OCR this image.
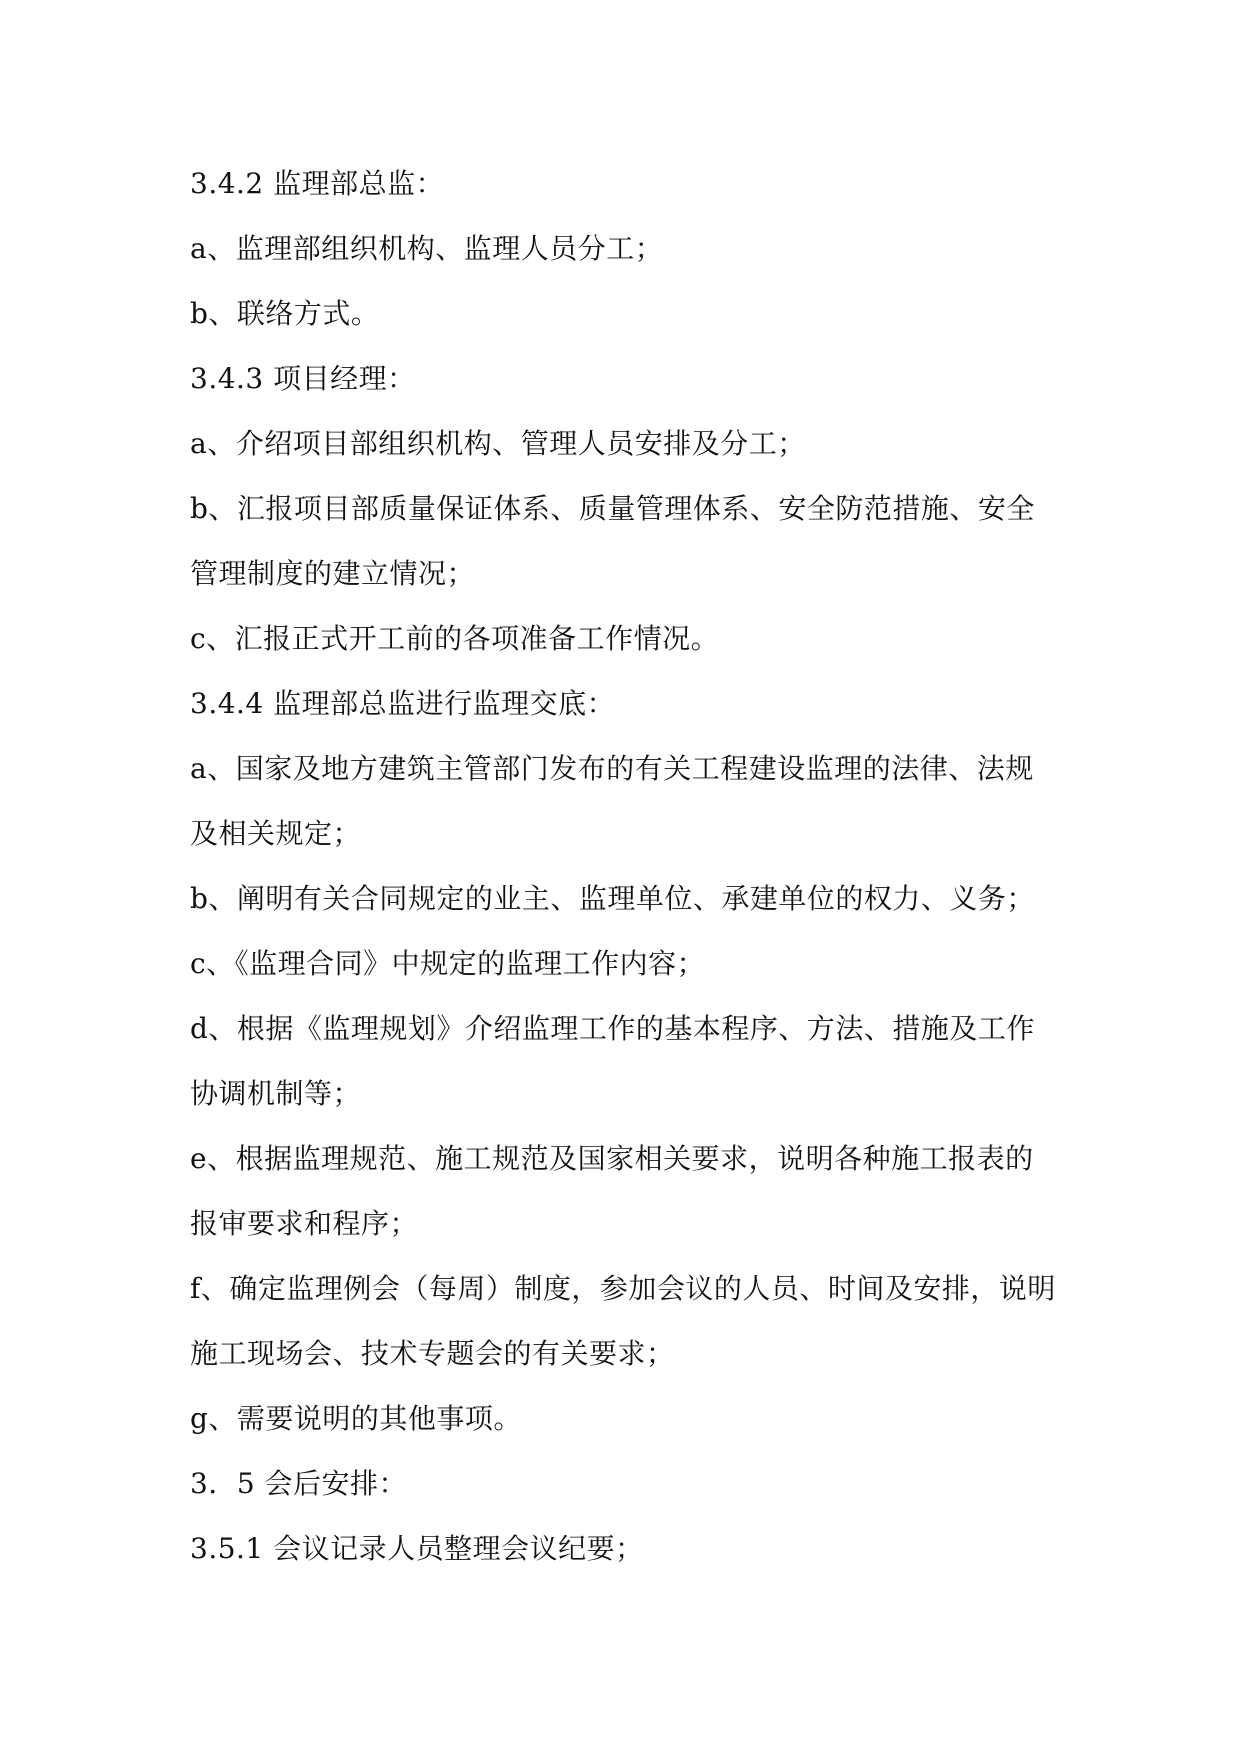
3.4.2 监理部总监：

a、监理部组织机构、监理人员分工；

b、联络方式。

3.4.3 项目经理：

a、介绍项目部组织机构、管理人员安排及分工；

b、汇报项目部质量保证体系、质量管理体系、安全防范措施、安全管理制度的建立情况；

c、汇报正式开工前的各项准备工作情况。

3.4.4 监理部总监进行监理交底：

a、国家及地方建筑主管部门发布的有关工程建设监理的法律、法规及相关规定；

b、阐明有关合同规定的业主、监理单位、承建单位的权力、义务；

c、《监理合同》中规定的监理工作内容；

d、根据《监理规划》介绍监理工作的基本程序、方法、措施及工作协调机制等；

e、根据监理规范、施工规范及国家相关要求，说明各种施工报表的报审要求和程序；

f、确定监理例会（每周）制度，参加会议的人员、时间及安排，说明施工现场会、技术专题会的有关要求；

g、需要说明的其他事项。

3．5 会后安排：

3.5.1 会议记录人员整理会议纪要；
